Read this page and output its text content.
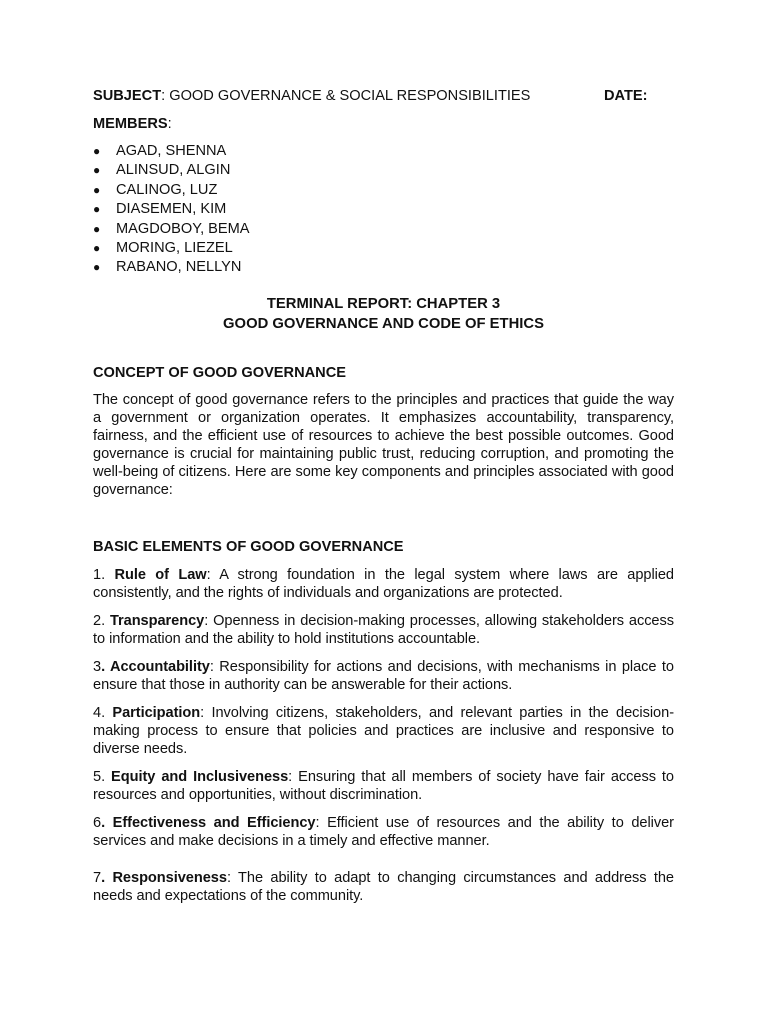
SUBJECT: GOOD GOVERNANCE & SOCIAL RESPONSIBILITIES	DATE:
MEMBERS:
● AGAD, SHENNA
● ALINSUD, ALGIN
● CALINOG, LUZ
● DIASEMEN, KIM
● MAGDOBOY, BEMA
● MORING, LIEZEL
● RABANO, NELLYN
TERMINAL REPORT: CHAPTER 3
GOOD GOVERNANCE AND CODE OF ETHICS
CONCEPT OF GOOD GOVERNANCE

The concept of good governance refers to the principles and practices that guide the way a government or organization operates. It emphasizes accountability, transparency, fairness, and the efficient use of resources to achieve the best possible outcomes. Good governance is crucial for maintaining public trust, reducing corruption, and promoting the well-being of citizens. Here are some key components and principles associated with good governance:

BASIC ELEMENTS OF GOOD GOVERNANCE

1. Rule of Law: A strong foundation in the legal system where laws are applied consistently, and the rights of individuals and organizations are protected.

2. Transparency: Openness in decision-making processes, allowing stakeholders access to information and the ability to hold institutions accountable.

3. Accountability: Responsibility for actions and decisions, with mechanisms in place to ensure that those in authority can be answerable for their actions.

4. Participation: Involving citizens, stakeholders, and relevant parties in the decision-making process to ensure that policies and practices are inclusive and responsive to diverse needs.

5. Equity and Inclusiveness: Ensuring that all members of society have fair access to resources and opportunities, without discrimination.

6. Effectiveness and Efficiency: Efficient use of resources and the ability to deliver services and make decisions in a timely and effective manner.

7. Responsiveness: The ability to adapt to changing circumstances and address the needs and expectations of the community.
